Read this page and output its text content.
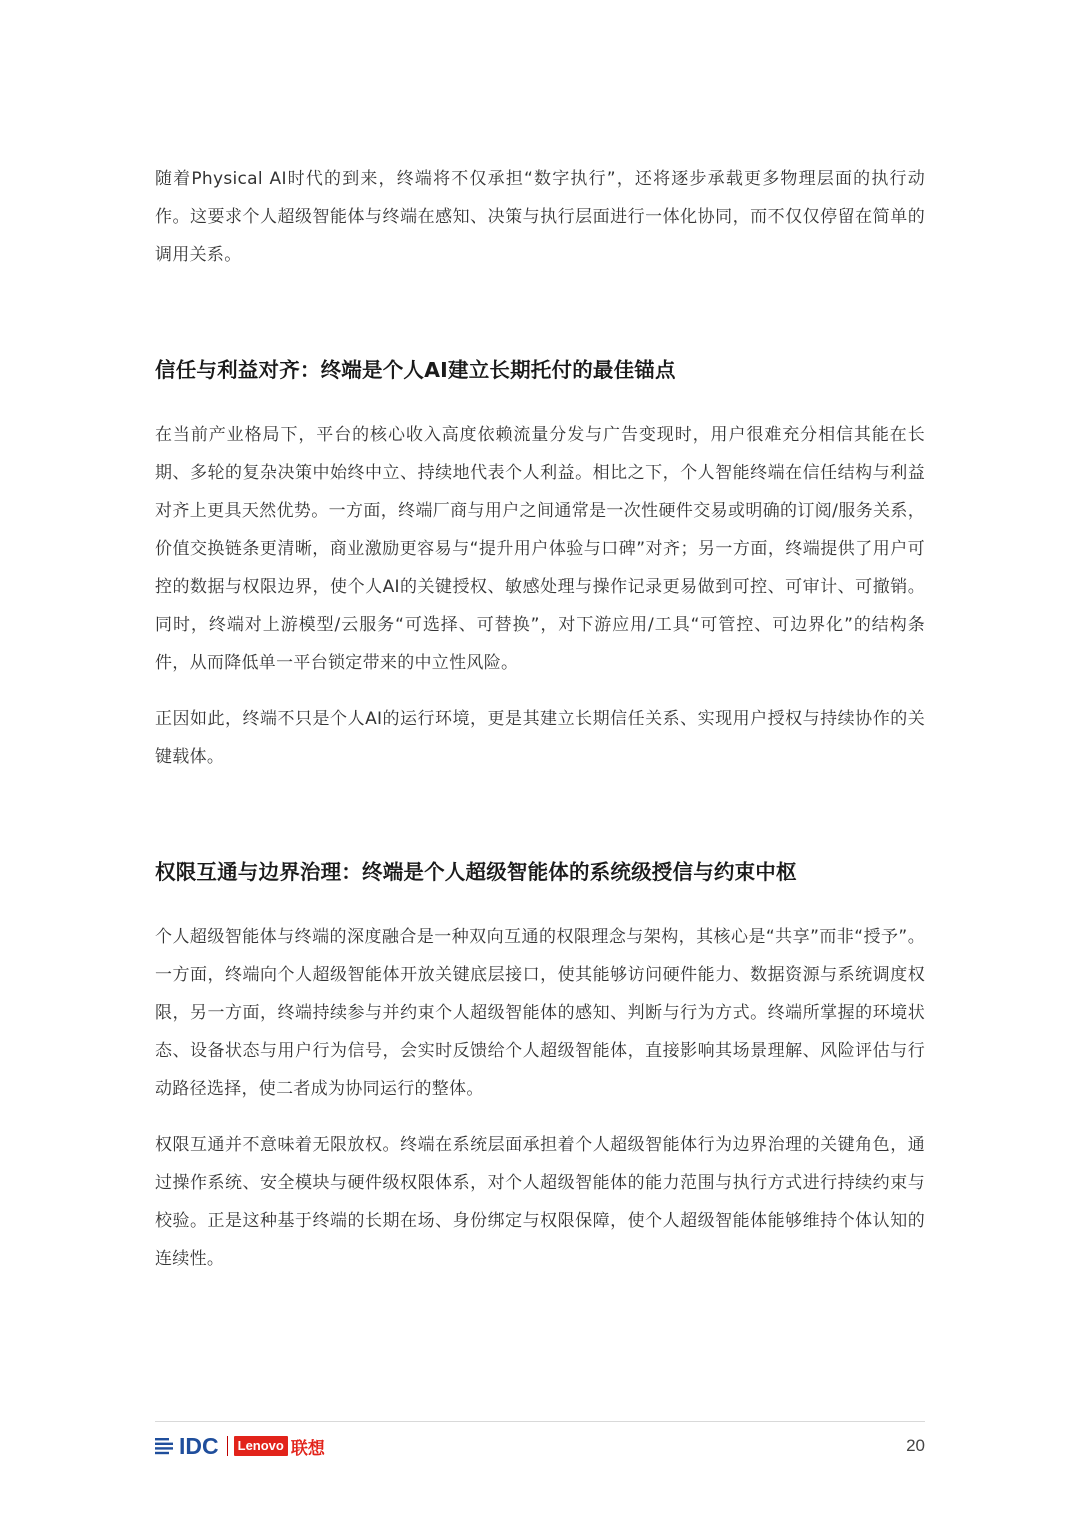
随着Physical AI时代的到来，终端将不仅承担“数字执行”，还将逐步承载更多物理层面的执行动作。这要求个人超级智能体与终端在感知、决策与执行层面进行一体化协同，而不仅仅停留在简单的调用关系。

信任与利益对齐：终端是个人AI建立长期托付的最佳锚点

在当前产业格局下，平台的核心收入高度依赖流量分发与广告变现时，用户很难充分相信其能在长期、多轮的复杂决策中始终中立、持续地代表个人利益。相比之下，个人智能终端在信任结构与利益对齐上更具天然优势。一方面，终端厂商与用户之间通常是一次性硬件交易或明确的订阅/服务关系，价值交换链条更清晰，商业激励更容易与“提升用户体验与口碑”对齐；另一方面，终端提供了用户可控的数据与权限边界，使个人AI的关键授权、敏感处理与操作记录更易做到可控、可审计、可撤销。同时，终端对上游模型/云服务“可选择、可替换”，对下游应用/工具“可管控、可边界化”的结构条件，从而降低单一平台锁定带来的中立性风险。

正因如此，终端不只是个人AI的运行环境，更是其建立长期信任关系、实现用户授权与持续协作的关键载体。

权限互通与边界治理：终端是个人超级智能体的系统级授信与约束中枢

个人超级智能体与终端的深度融合是一种双向互通的权限理念与架构，其核心是“共享”而非“授予”。一方面，终端向个人超级智能体开放关键底层接口，使其能够访问硬件能力、数据资源与系统调度权限，另一方面，终端持续参与并约束个人超级智能体的感知、判断与行为方式。终端所掌握的环境状态、设备状态与用户行为信号，会实时反馈给个人超级智能体，直接影响其场景理解、风险评估与行动路径选择，使二者成为协同运行的整体。

权限互通并不意味着无限放权。终端在系统层面承担着个人超级智能体行为边界治理的关键角色，通过操作系统、安全模块与硬件级权限体系，对个人超级智能体的能力范围与执行方式进行持续约束与校验。正是这种基于终端的长期在场、身份绑定与权限保障，使个人超级智能体能够维持个体认知的连续性。

IDC	Lenovo 联想	20
